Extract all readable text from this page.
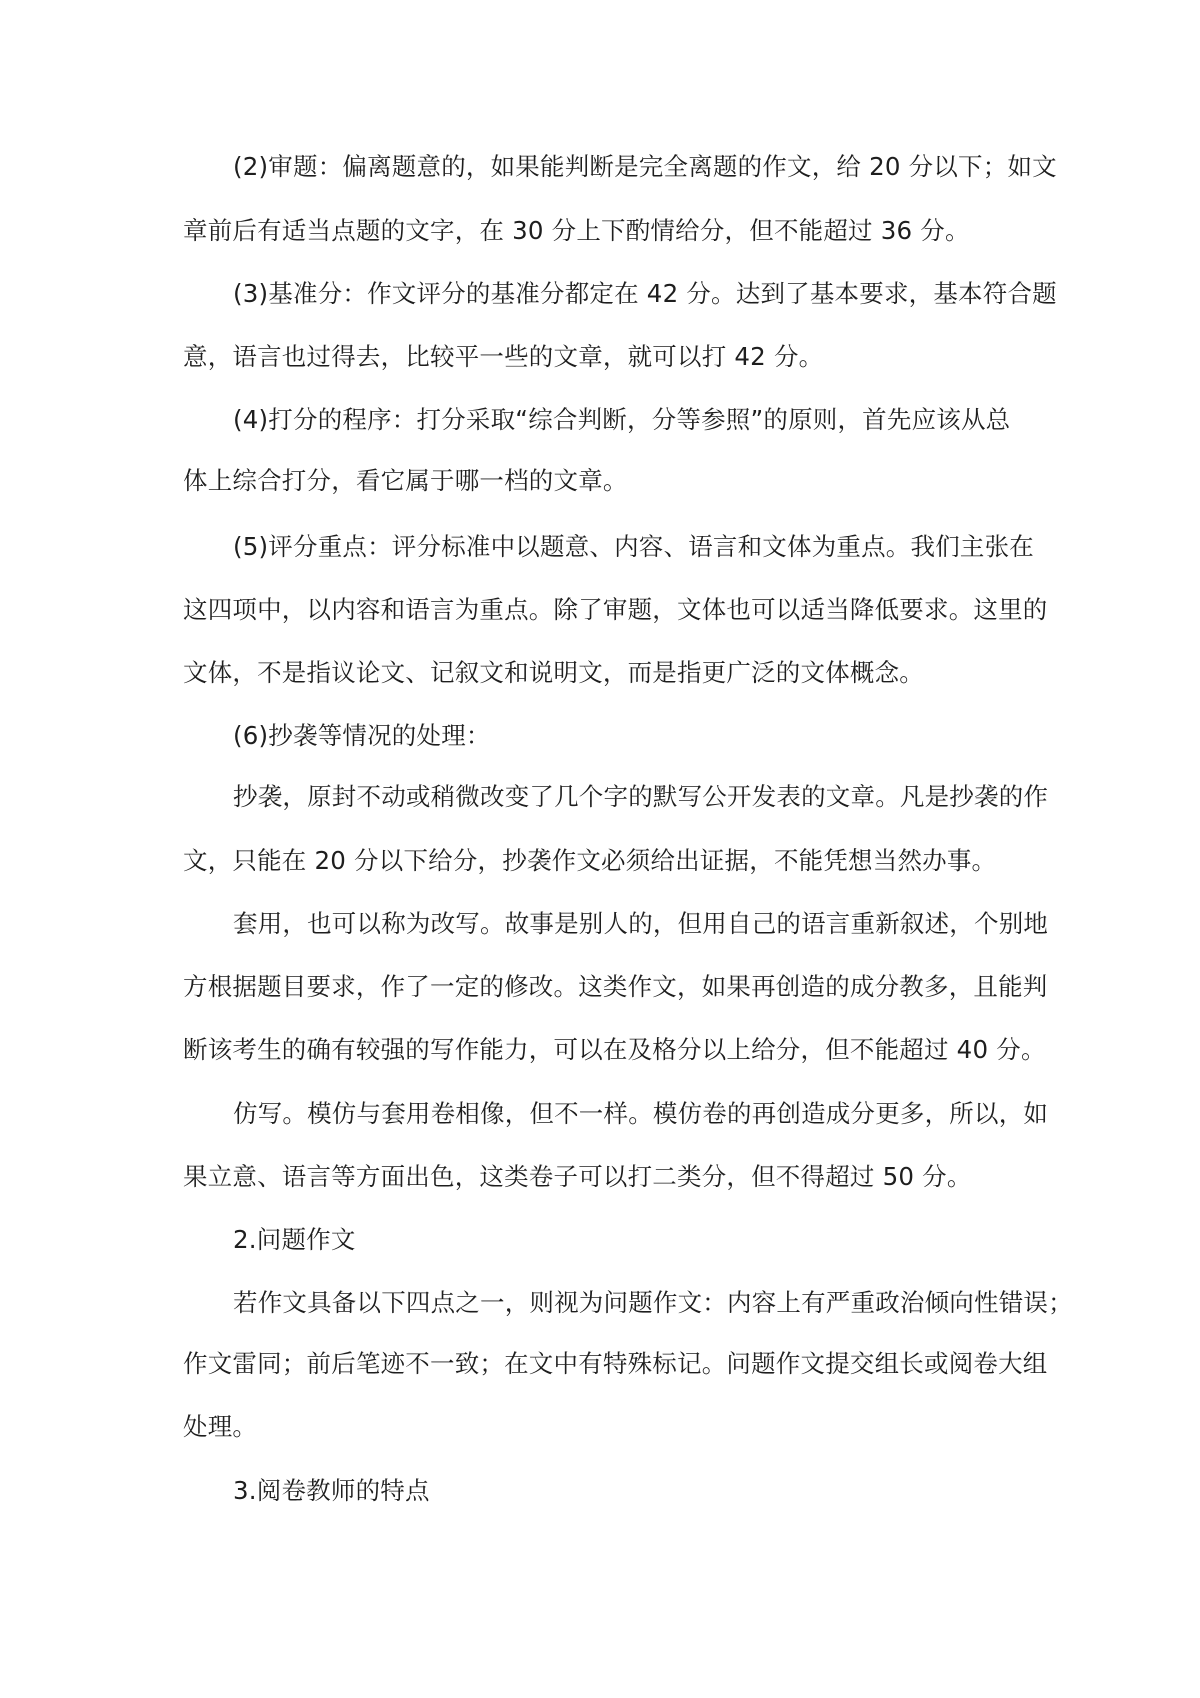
(2)审题：偏离题意的，如果能判断是完全离题的作文，给 20 分以下；如文

章前后有适当点题的文字，在 30 分上下酌情给分，但不能超过 36 分。

(3)基准分：作文评分的基准分都定在 42 分。达到了基本要求，基本符合题

意，语言也过得去，比较平一些的文章，就可以打 42 分。

(4)打分的程序：打分采取“综合判断，分等参照”的原则，首先应该从总

体上综合打分，看它属于哪一档的文章。

(5)评分重点：评分标准中以题意、内容、语言和文体为重点。我们主张在

这四项中，以内容和语言为重点。除了审题，文体也可以适当降低要求。这里的

文体，不是指议论文、记叙文和说明文，而是指更广泛的文体概念。

(6)抄袭等情况的处理：

抄袭，原封不动或稍微改变了几个字的默写公开发表的文章。凡是抄袭的作

文，只能在 20 分以下给分，抄袭作文必须给出证据，不能凭想当然办事。

套用，也可以称为改写。故事是别人的，但用自己的语言重新叙述，个别地

方根据题目要求，作了一定的修改。这类作文，如果再创造的成分教多，且能判

断该考生的确有较强的写作能力，可以在及格分以上给分，但不能超过 40 分。

仿写。模仿与套用卷相像，但不一样。模仿卷的再创造成分更多，所以，如

果立意、语言等方面出色，这类卷子可以打二类分，但不得超过 50 分。

2.问题作文

若作文具备以下四点之一，则视为问题作文：内容上有严重政治倾向性错误；

作文雷同；前后笔迹不一致；在文中有特殊标记。问题作文提交组长或阅卷大组

处理。

3.阅卷教师的特点
